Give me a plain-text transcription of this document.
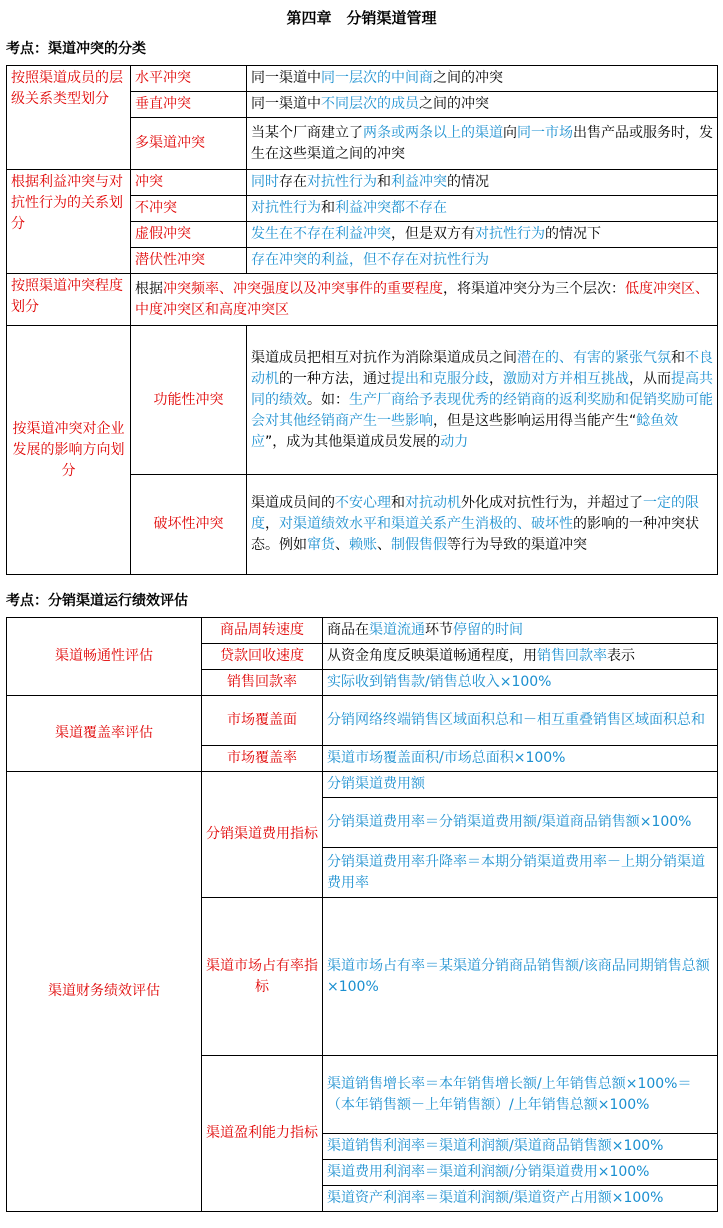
第四章　分销渠道管理
考点：渠道冲突的分类
按照渠道成员的层级关系类型划分	水平冲突	同一渠道中同一层次的中间商之间的冲突
	垂直冲突	同一渠道中不同层次的成员之间的冲突
	多渠道冲突	当某个厂商建立了两条或两条以上的渠道向同一市场出售产品或服务时，发生在这些渠道之间的冲突
根据利益冲突与对抗性行为的关系划分	冲突	同时存在对抗性行为和利益冲突的情况
	不冲突	对抗性行为和利益冲突都不存在
	虚假冲突	发生在不存在利益冲突，但是双方有对抗性行为的情况下
	潜伏性冲突	存在冲突的利益，但不存在对抗性行为
按照渠道冲突程度划分	根据冲突频率、冲突强度以及冲突事件的重要程度，将渠道冲突分为三个层次：低度冲突区、中度冲突区和高度冲突区	
按渠道冲突对企业发展的影响方向划分	功能性冲突	渠道成员把相互对抗作为消除渠道成员之间潜在的、有害的紧张气氛和不良动机的一种方法，通过提出和克服分歧，激励对方并相互挑战，从而提高共同的绩效。如：生产厂商给予表现优秀的经销商的返利奖励和促销奖励可能会对其他经销商产生一些影响，但是这些影响运用得当能产生“鲶鱼效应”，成为其他渠道成员发展的动力
	破坏性冲突	渠道成员间的不安心理和对抗动机外化成对抗性行为，并超过了一定的限度，对渠道绩效水平和渠道关系产生消极的、破坏性的影响的一种冲突状态。例如窜货、赖账、制假售假等行为导致的渠道冲突
考点：分销渠道运行绩效评估
渠道畅通性评估	商品周转速度	商品在渠道流通环节停留的时间
	贷款回收速度	从资金角度反映渠道畅通程度，用销售回款率表示
	销售回款率	实际收到销售款/销售总收入×100%
渠道覆盖率评估	市场覆盖面	分销网络终端销售区域面积总和－相互重叠销售区域面积总和
	市场覆盖率	渠道市场覆盖面积/市场总面积×100%
渠道财务绩效评估	分销渠道费用指标	分销渠道费用额
		分销渠道费用率＝分销渠道费用额/渠道商品销售额×100%
		分销渠道费用率升降率＝本期分销渠道费用率－上期分销渠道费用率
	渠道市场占有率指标	渠道市场占有率＝某渠道分销商品销售额/该商品同期销售总额×100%
	渠道盈利能力指标	渠道销售增长率＝本年销售增长额/上年销售总额×100%＝（本年销售额－上年销售额）/上年销售总额×100%
		渠道销售利润率＝渠道利润额/渠道商品销售额×100%
		渠道费用利润率＝渠道利润额/分销渠道费用×100%
		渠道资产利润率＝渠道利润额/渠道资产占用额×100%
